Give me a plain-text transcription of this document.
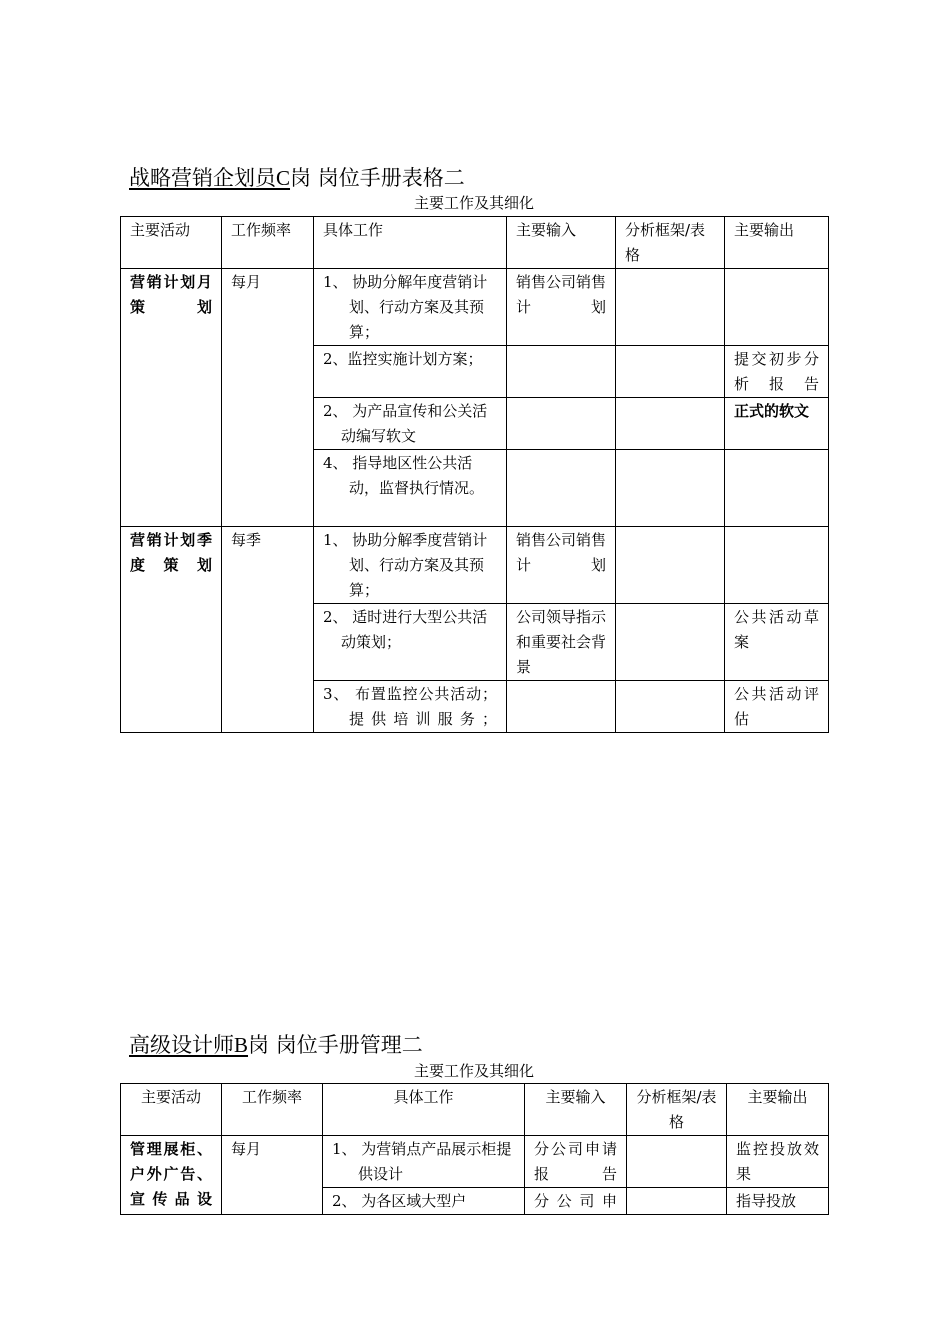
战略营销企划员C岗 岗位手册表格二
主要工作及其细化
主要活动	工作频率	具体工作	主要输入	分析框架/表格	主要输出
营销计划月策划	每月	1、 协助分解年度营销计划、行动方案及其预算；	销售公司销售计划		

		2、监控实施计划方案；			提交初步分析报告

		2、 为产品宣传和公关活动编写软文			正式的软文

		4、 指导地区性公共活动，监督执行情况。			

营销计划季度策划	每季	1、 协助分解季度营销计划、行动方案及其预算；	销售公司销售计划		

		2、 适时进行大型公共活动策划；	公司领导指示和重要社会背景		公共活动草案

		3、 布置监控公共活动；提供培训服务；			公共活动评估
高级设计师B岗 岗位手册管理二
主要工作及其细化
主要活动	工作频率	具体工作	主要输入	分析框架/表格	主要输出
管理展柜、户外广告、宣传品设	每月	1、 为营销点产品展示柜提供设计	分公司申请报告		监控投放效果

		2、 为各区域大型户	分公司申		指导投放
